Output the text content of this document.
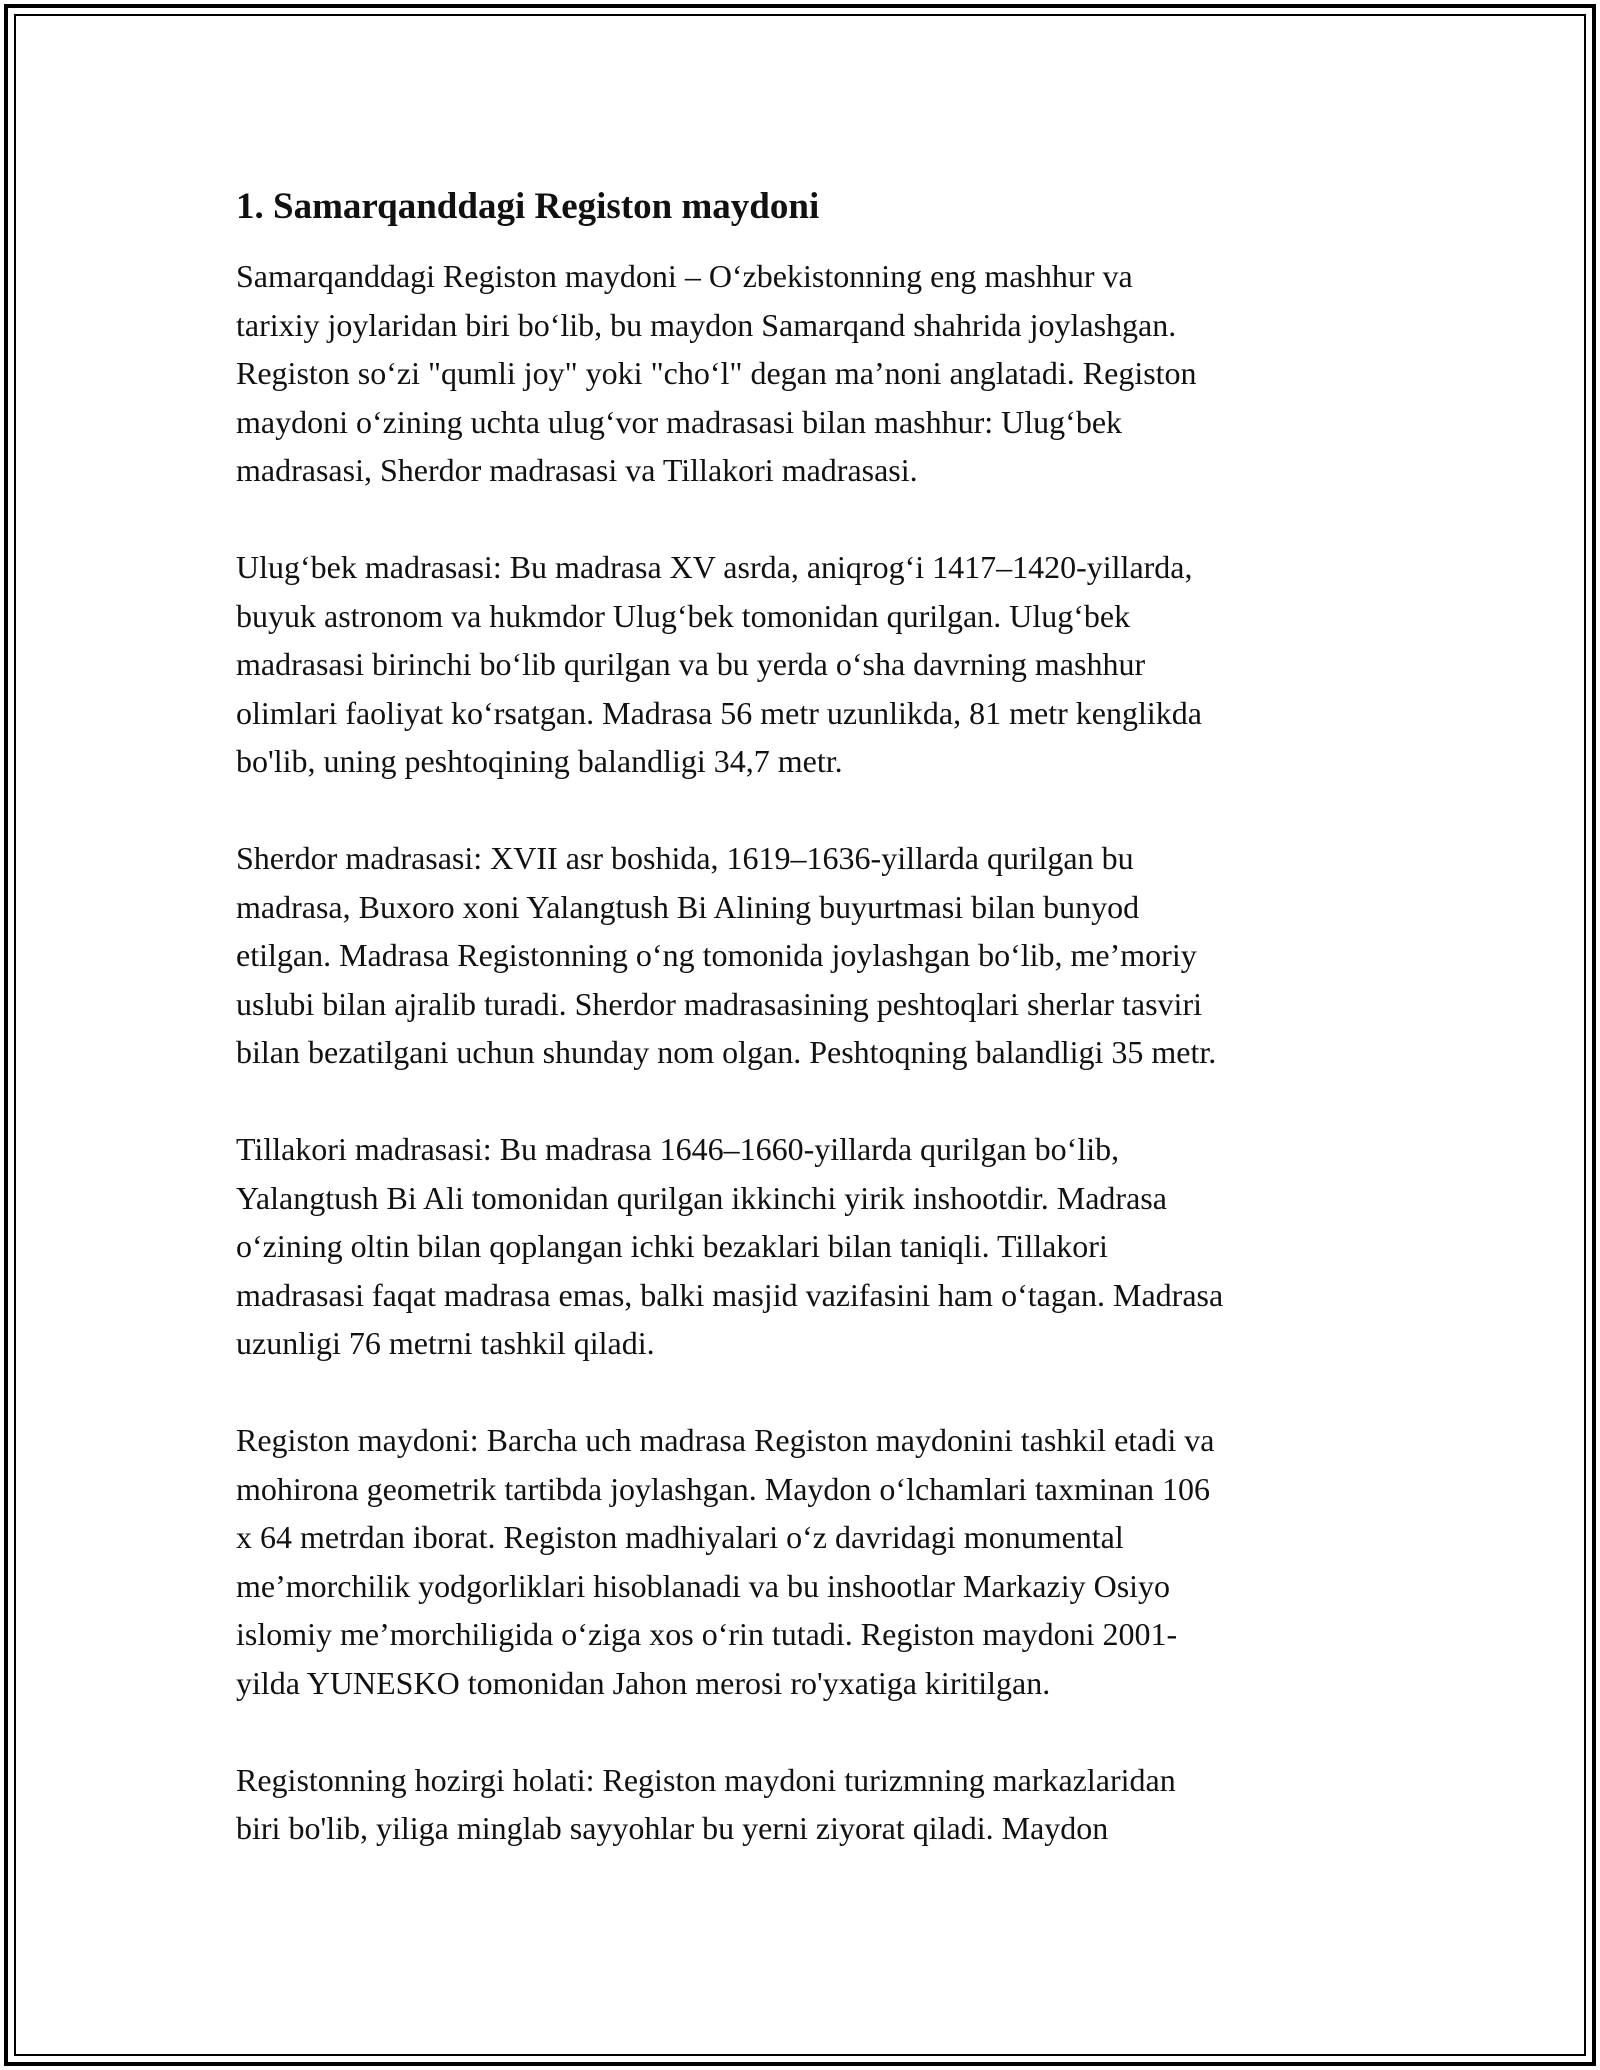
1. Samarqanddagi Registon maydoni
Samarqanddagi Registon maydoni – O‘zbekistonning eng mashhur va
tarixiy joylaridan biri bo‘lib, bu maydon Samarqand shahrida joylashgan.
Registon so‘zi "qumli joy" yoki "cho‘l" degan ma’noni anglatadi. Registon
maydoni o‘zining uchta ulug‘vor madrasasi bilan mashhur: Ulug‘bek
madrasasi, Sherdor madrasasi va Tillakori madrasasi.
Ulug‘bek madrasasi: Bu madrasa XV asrda, aniqrog‘i 1417–1420-yillarda,
buyuk astronom va hukmdor Ulug‘bek tomonidan qurilgan. Ulug‘bek
madrasasi birinchi bo‘lib qurilgan va bu yerda o‘sha davrning mashhur
olimlari faoliyat ko‘rsatgan. Madrasa 56 metr uzunlikda, 81 metr kenglikda
bo'lib, uning peshtoqining balandligi 34,7 metr.
Sherdor madrasasi: XVII asr boshida, 1619–1636-yillarda qurilgan bu
madrasa, Buxoro xoni Yalangtush Bi Alining buyurtmasi bilan bunyod
etilgan. Madrasa Registonning o‘ng tomonida joylashgan bo‘lib, me’moriy
uslubi bilan ajralib turadi. Sherdor madrasasining peshtoqlari sherlar tasviri
bilan bezatilgani uchun shunday nom olgan. Peshtoqning balandligi 35 metr.
Tillakori madrasasi: Bu madrasa 1646–1660-yillarda qurilgan bo‘lib,
Yalangtush Bi Ali tomonidan qurilgan ikkinchi yirik inshootdir. Madrasa
o‘zining oltin bilan qoplangan ichki bezaklari bilan taniqli. Tillakori
madrasasi faqat madrasa emas, balki masjid vazifasini ham o‘tagan. Madrasa
uzunligi 76 metrni tashkil qiladi.
Registon maydoni: Barcha uch madrasa Registon maydonini tashkil etadi va
mohirona geometrik tartibda joylashgan. Maydon o‘lchamlari taxminan 106
x 64 metrdan iborat. Registon madhiyalari o‘z davridagi monumental
me’morchilik yodgorliklari hisoblanadi va bu inshootlar Markaziy Osiyo
islomiy me’morchiligida o‘ziga xos o‘rin tutadi. Registon maydoni 2001-
yilda YUNESKO tomonidan Jahon merosi ro'yxatiga kiritilgan.
Registonning hozirgi holati: Registon maydoni turizmning markazlaridan
biri bo'lib, yiliga minglab sayyohlar bu yerni ziyorat qiladi. Maydon
